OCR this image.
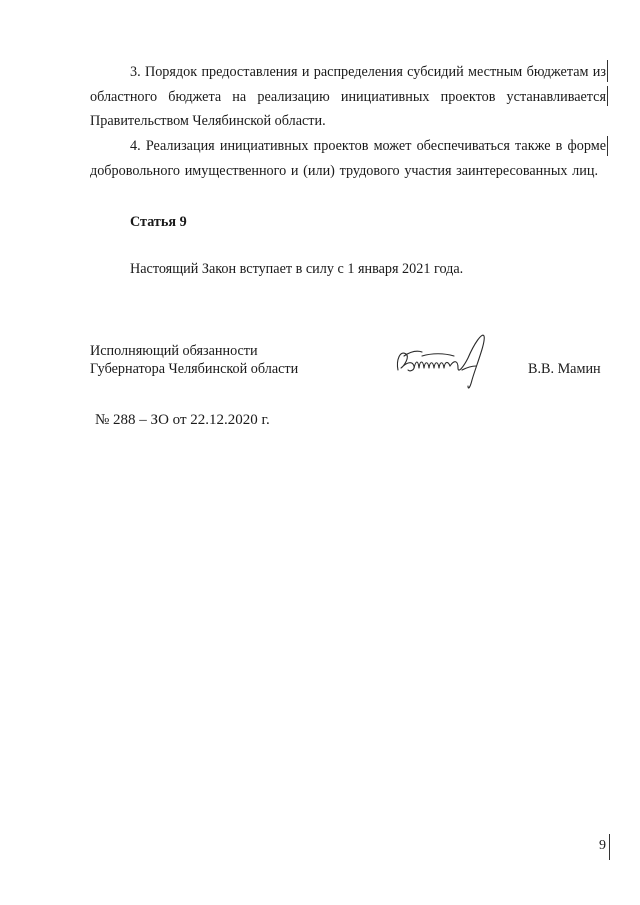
3. Порядок предоставления и распределения субсидий местным бюджетам из
областного бюджета на реализацию инициативных проектов устанавливается
Правительством Челябинской области.
4. Реализация инициативных проектов может обеспечиваться также в форме
добровольного имущественного и (или) трудового участия заинтересованных лиц.
Статья 9
Настоящий Закон вступает в силу с 1 января 2021 года.
Исполняющий обязанности
Губернатора Челябинской области	В.В. Мамин
№ 288 – ЗО от 22.12.2020 г.
9
